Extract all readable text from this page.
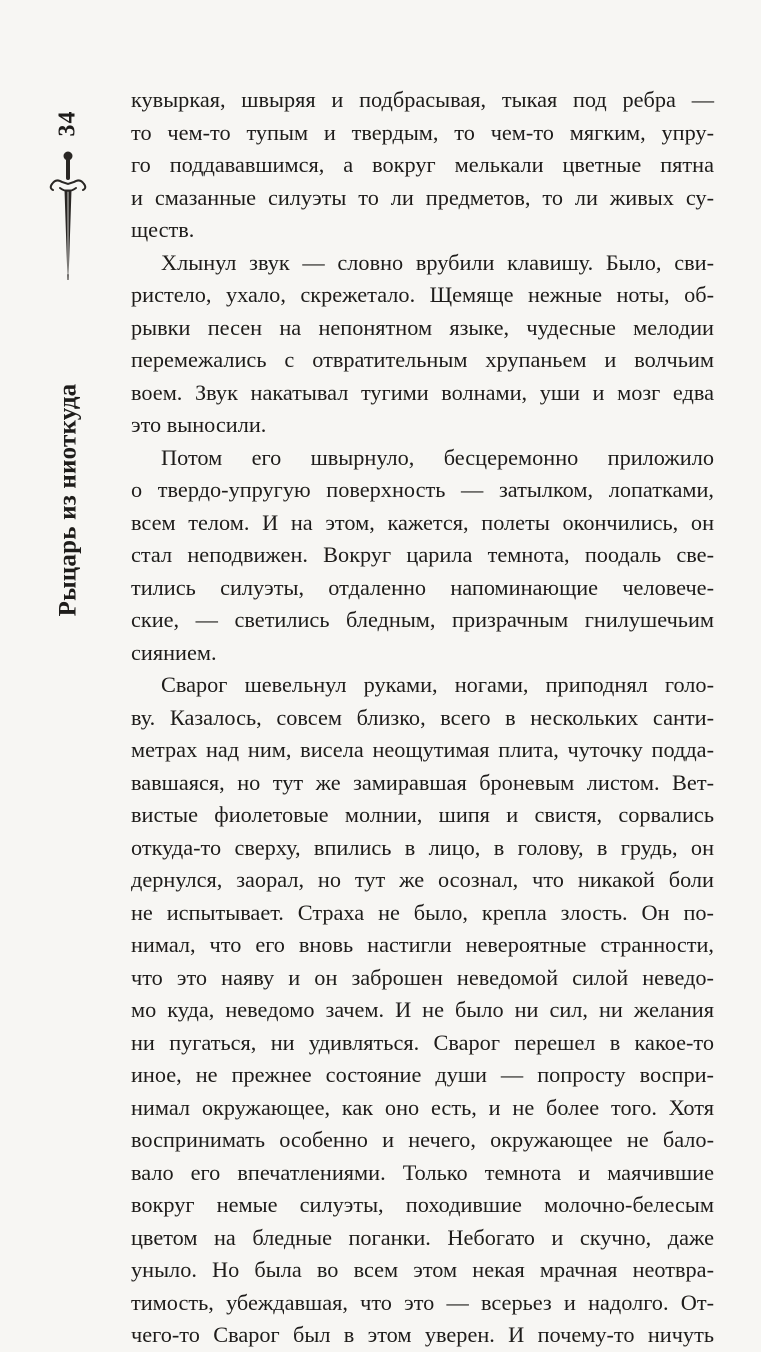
34
Рыцарь из ниоткуда

кувыркая, швыряя и подбрасывая, тыкая под ребра —

то чем-то тупым и твердым, то чем-то мягким, упру-

го поддававшимся, а вокруг мелькали цветные пятна

и смазанные силуэты то ли предметов, то ли живых су-

ществ.

Хлынул звук — словно врубили клавишу. Было, сви-

ристело, ухало, скрежетало. Щемяще нежные ноты, об-

рывки песен на непонятном языке, чудесные мелодии

перемежались с отвратительным хрупаньем и волчьим

воем. Звук накатывал тугими волнами, уши и мозг едва

это выносили.

Потом его швырнуло, бесцеремонно приложило

о твердо-упругую поверхность — затылком, лопатками,

всем телом. И на этом, кажется, полеты окончились, он

стал неподвижен. Вокруг царила темнота, поодаль све-

тились силуэты, отдаленно напоминающие человече-

ские, — светились бледным, призрачным гнилушечьим

сиянием.

Сварог шевельнул руками, ногами, приподнял голо-

ву. Казалось, совсем близко, всего в нескольких санти-

метрах над ним, висела неощутимая плита, чуточку подда-

вавшаяся, но тут же замиравшая броневым листом. Вет-

вистые фиолетовые молнии, шипя и свистя, сорвались

откуда-то сверху, впились в лицо, в голову, в грудь, он

дернулся, заорал, но тут же осознал, что никакой боли

не испытывает. Страха не было, крепла злость. Он по-

нимал, что его вновь настигли невероятные странности,

что это наяву и он заброшен неведомой силой неведо-

мо куда, неведомо зачем. И не было ни сил, ни желания

ни пугаться, ни удивляться. Сварог перешел в какое-то

иное, не прежнее состояние души — попросту воспри-

нимал окружающее, как оно есть, и не более того. Хотя

воспринимать особенно и нечего, окружающее не бало-

вало его впечатлениями. Только темнота и маячившие

вокруг немые силуэты, походившие молочно-белесым

цветом на бледные поганки. Небогато и скучно, даже

уныло. Но была во всем этом некая мрачная неотвра-

тимость, убеждавшая, что это — всерьез и надолго. От-

чего-то Сварог был в этом уверен. И почему-то ничуть
